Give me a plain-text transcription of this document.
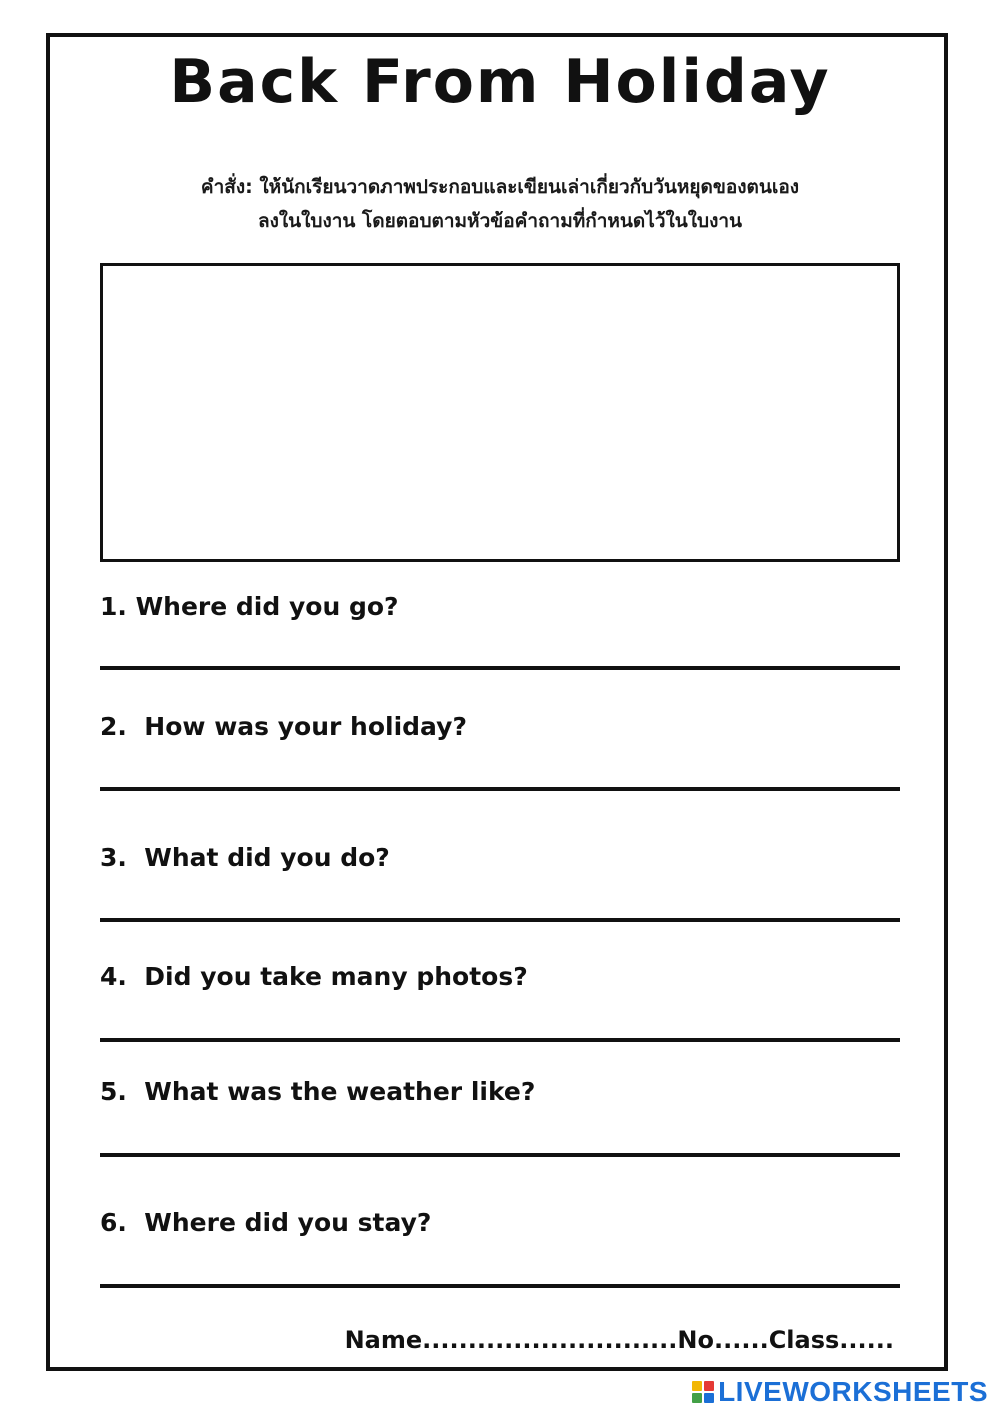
Back From Holiday
คำสั่ง: ให้นักเรียนวาดภาพประกอบและเขียนเล่าเกี่ยวกับวันหยุดของตนเอง
ลงในใบงาน โดยตอบตามหัวข้อคำถามที่กำหนดไว้ในใบงาน
1. Where did you go?
2.  How was your holiday?
3.  What did you do?
4.  Did you take many photos?
5.  What was the weather like?
6.  Where did you stay?
Name............................No......Class......
LIVEWORKSHEETS
